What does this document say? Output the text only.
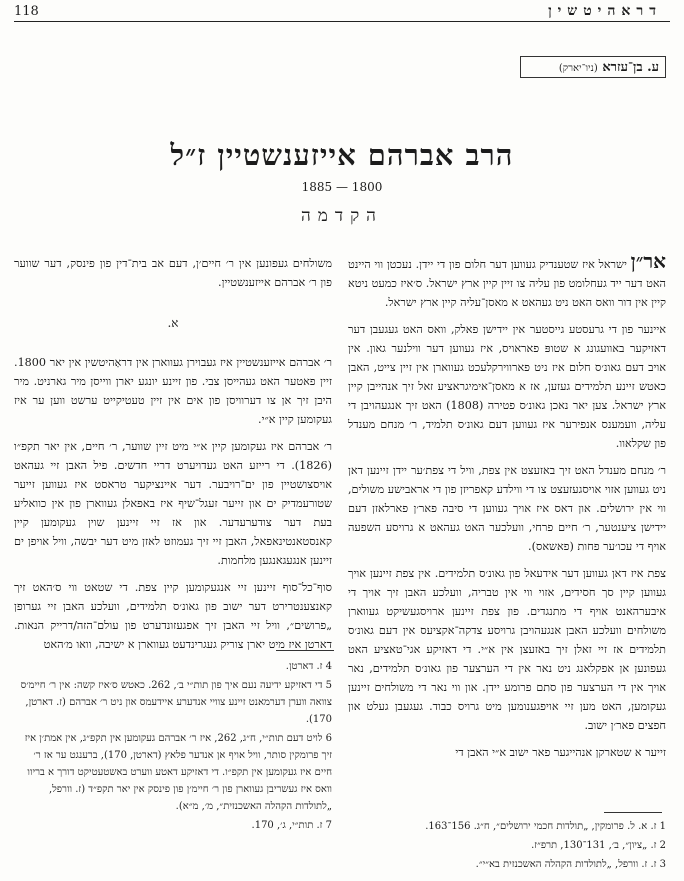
118	דראהיטשין
ע. בן־עזרא (ניו־יארק)
הרב אברהם אייזענשטיין ז״ל
1885 — 1800
הקדמה

אר״ן ישראל איז שטענדיק געווען דער חלום פון די יידן. נעכטן ווי היינט האט דער ייד געחלומט פון עליה צו זיין קיין ארץ ישראל. ס׳איז כמעט ניטא קיין אין דור וואס האט ניט געהאט א מאסן־עליה קיין ארץ ישראל.

איינער פון די גרעסטע גייסטער אין יידישן פאלק, וואס האט געגעבן דער דאזיקער באוועגונג א שטופּ פאראויס, איז געווען דער ווילנער גאון. אין אויב דעם גאונ׳ס חלום איז ניט פארווירקלעכט געווארן אין זיין צייט, האבן כאטש זיינע תלמידים געזען, אז א מאסן־אימיגראציע זאל זיך אנהייבן קיין ארץ ישראל. צען יאר נאכן גאונ׳ס פטירה (1808) האט זיך אנגעהויבן די עליה, וועמענס אנפירער איז געווען דעם גאונ׳ס תלמיד, ר׳ מנחם מענדל פון שקלאוו.

ר׳ מנחם מענדל האט זיך באזעצט אין צפת, וויל די צפת׳ער יידן זיינען דאן ניט געווען אזוי אויסגעזעצט צו די ווילדע קאפריזן פון די אראבישע משולים, ווי אין ירושלים. און דאס איז אויך געווען די סיבה פאר׳ן פארלאזן דעם יידישן ציענטער, ר׳ חיים פרחי, וועלכער האט געהאט א גרויסע השפעה אויף די עכו׳ער פחות (פאשאס).

צפת איז דאן געווען דער אידעאל פון גאונ׳ס תלמידים. אין צפת זיינען אויך געווען קיין סך חסידים, אזוי ווי אין טבריה, וועלכע האבן זיך אויך די איבערהאנט אויף די מתנגדים. פון צפת זיינען ארויסגעשיקט געווארן משולחים וועלכע האבן אנגעהויבן גרויסע צדקה־אקציעס אין דעם גאונ׳ס תלמידים אז זיי זאלן זיך באזעצן אין א״י. די דאזיקע אגי־טאציע האט געפונען אן אפקלאנג ניט נאר אין די הערצער פון גאונ׳ס תלמידים, נאר אויך אין די הערצער פון סתם פרומע יידן. און ווי נאר די משולחים זיינען געקומען, האט מען זיי אויפגענומען מיט גרויס כבוד. געגעבן געלט און חפצים פאר׳ן ישוב.

זייער א שטארקן אנהייגער פאר ישוב א״י האבן די

1 ז. א. ל. פרומקין, „תולדות חכמי ירושלים״, ח״ג. 156־163.

2 ז. „ציון״, ב׳, 131־130, תרפ״ז.

3 ז. ז. וורפל, „לתולדות הקהלה האשכנזית בא״י״.

משולחים געפונען אין ר׳ חיים׳ן, דעם אב בית־דין פון פינסק, דער שווער פון ר׳ אברהם אייזענשטיין.

א.

ר׳ אברהם אייזענשטיין איז געבוירן געווארן אין דראַהיטשין אין יאר 1800. זיין פאטער האט געהייסן צבי. פון זיינע יונגע יארן ווייסן מיר גארניט. מיר היבן זיך אן צו דערוויסן פון אים אין זיין טעטיקייט ערשט ווען ער איז געקומען קיין א״י.

ר׳ אברהם איז געקומען קיין א״י מיט זיין שווער, ר׳ חיים, אין יאר תקפ״ו (1826). די רייזע האט געדויערט דריי חדשים. פיל האבן זיי געהאט אויסצושטיין פון ים־רויבער. דער איינציקער טראסט איז געווען זייער שטורעמדיק ים און זייער זעגל־שיף איז באפאלן געווארן פון אין כוואליע בעת דער צודערעדער. און אז זיי זיינען שוין געקומען קיין קאנסטאנטינאפאל, האבן זיי זיך געמוזט לאזן מיט דער יבשה, וויל אויפן ים זיינען אנגעגאנגען מלחמות.

סוף־כל־סוף זיינען זיי אנגעקומען קיין צפת. די שטאט ווי ס׳האט זיך קאנצענטרירט דער ישוב פון גאונ׳ס תלמידים, וועלכע האבן זיי גערופן „פרושים״, וויל זיי האבן זיך אפגעזונדערט פון עולם־הזה/דרייק הנאות. דארטן איז מיט יארן צוריק געגרינדעט געווארן א ישיבה, וואו מ׳האט

4 ז. דארטן.

5 די דאזיקע ידיעה נעם איך פון תות״י ב׳, 262. כאטש ס׳איז קשה: אין ר׳ חיימ׳ס צוואה ווערן דערמאנט זיינע צוויי אנדערע איידעמס און ניט ר׳ אברהם (ז. דארטן, 170).

6 לויט דעם תות״י, ח״ג, 262, איז ר׳ אברהם געקומען אין תקפ״ג, אין אמת׳ן איז זיך פרומקין סותר, וויל אויף אן אנדער פלאץ (דארטן, 170), ברענגט ער אז ר׳ חיים איז געקומען אין תקפ״ו. די דאזיקע דאטע ווערט באשטעטיקט דורך א בריוו וואס איז געשריבן געווארן פון ר׳ חיימ׳ן פון פינסק אין יאר תקפ״ד (ז. וורפל, „לתולדות הקהלה האשכנזית״, מ׳, מ״א).

7 ז. תות״י, ג׳, 170.
